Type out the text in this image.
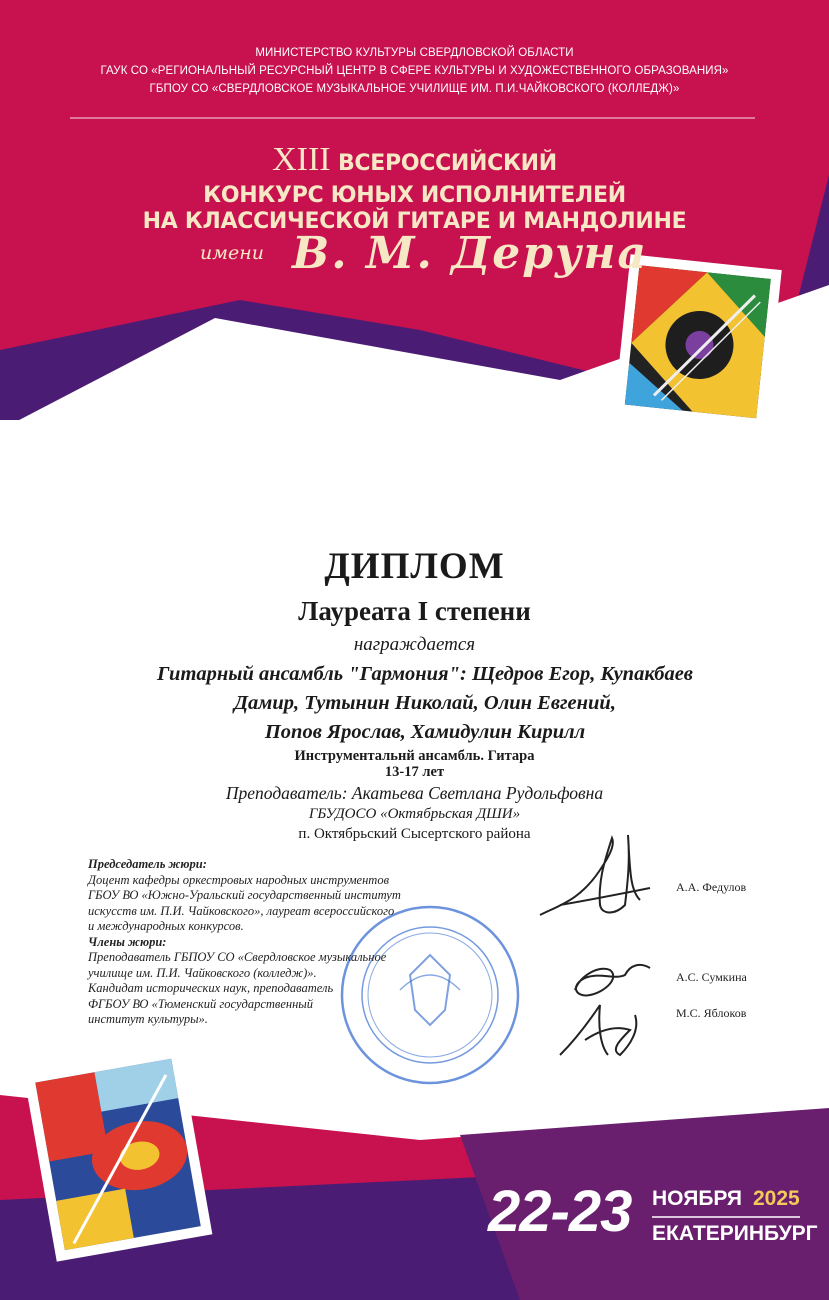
МИНИСТЕРСТВО КУЛЬТУРЫ СВЕРДЛОВСКОЙ ОБЛАСТИ
ГАУК СО «РЕГИОНАЛЬНЫЙ РЕСУРСНЫЙ ЦЕНТР В СФЕРЕ КУЛЬТУРЫ И ХУДОЖЕСТВЕННОГО ОБРАЗОВАНИЯ»
ГБПОУ СО «СВЕРДЛОВСКОЕ МУЗЫКАЛЬНОЕ УЧИЛИЩЕ ИМ. П.И.ЧАЙКОВСКОГО (КОЛЛЕДЖ)»
XIII ВСЕРОССИЙСКИЙ
КОНКУРС ЮНЫХ ИСПОЛНИТЕЛЕЙ
НА КЛАССИЧЕСКОЙ ГИТАРЕ И МАНДОЛИНЕ
имени В. М. Деруна
ДИПЛОМ
Лауреата I степени
награждается
Гитарный ансамбль "Гармония": Щедров Егор, Купакбаев
Дамир, Тутынин Николай, Олин Евгений,
Попов Ярослав, Хамидулин Кирилл
Инструментальнй ансамбль. Гитара
13-17 лет
Преподаватель: Акатьева Светлана Рудольфовна
ГБУДОСО «Октябрьская ДШИ»
п. Октябрьский Сысертского района
Председатель жюри:
Доцент кафедры оркестровых народных инструментов
ГБОУ ВО «Южно-Уральский государственный институт
искусств им. П.И. Чайковского», лауреат всероссийского
и международных конкурсов.
Члены жюри:
Преподаватель ГБПОУ СО «Свердловское музыкальное
училище им. П.И. Чайковского (колледж)».
Кандидат исторических наук, преподаватель
ФГБОУ ВО «Тюменский государственный
институт культуры».
А.А. Федулов
А.С. Сумкина
М.С. Яблоков
22-23 НОЯБРЯ 2025
ЕКАТЕРИНБУРГ
